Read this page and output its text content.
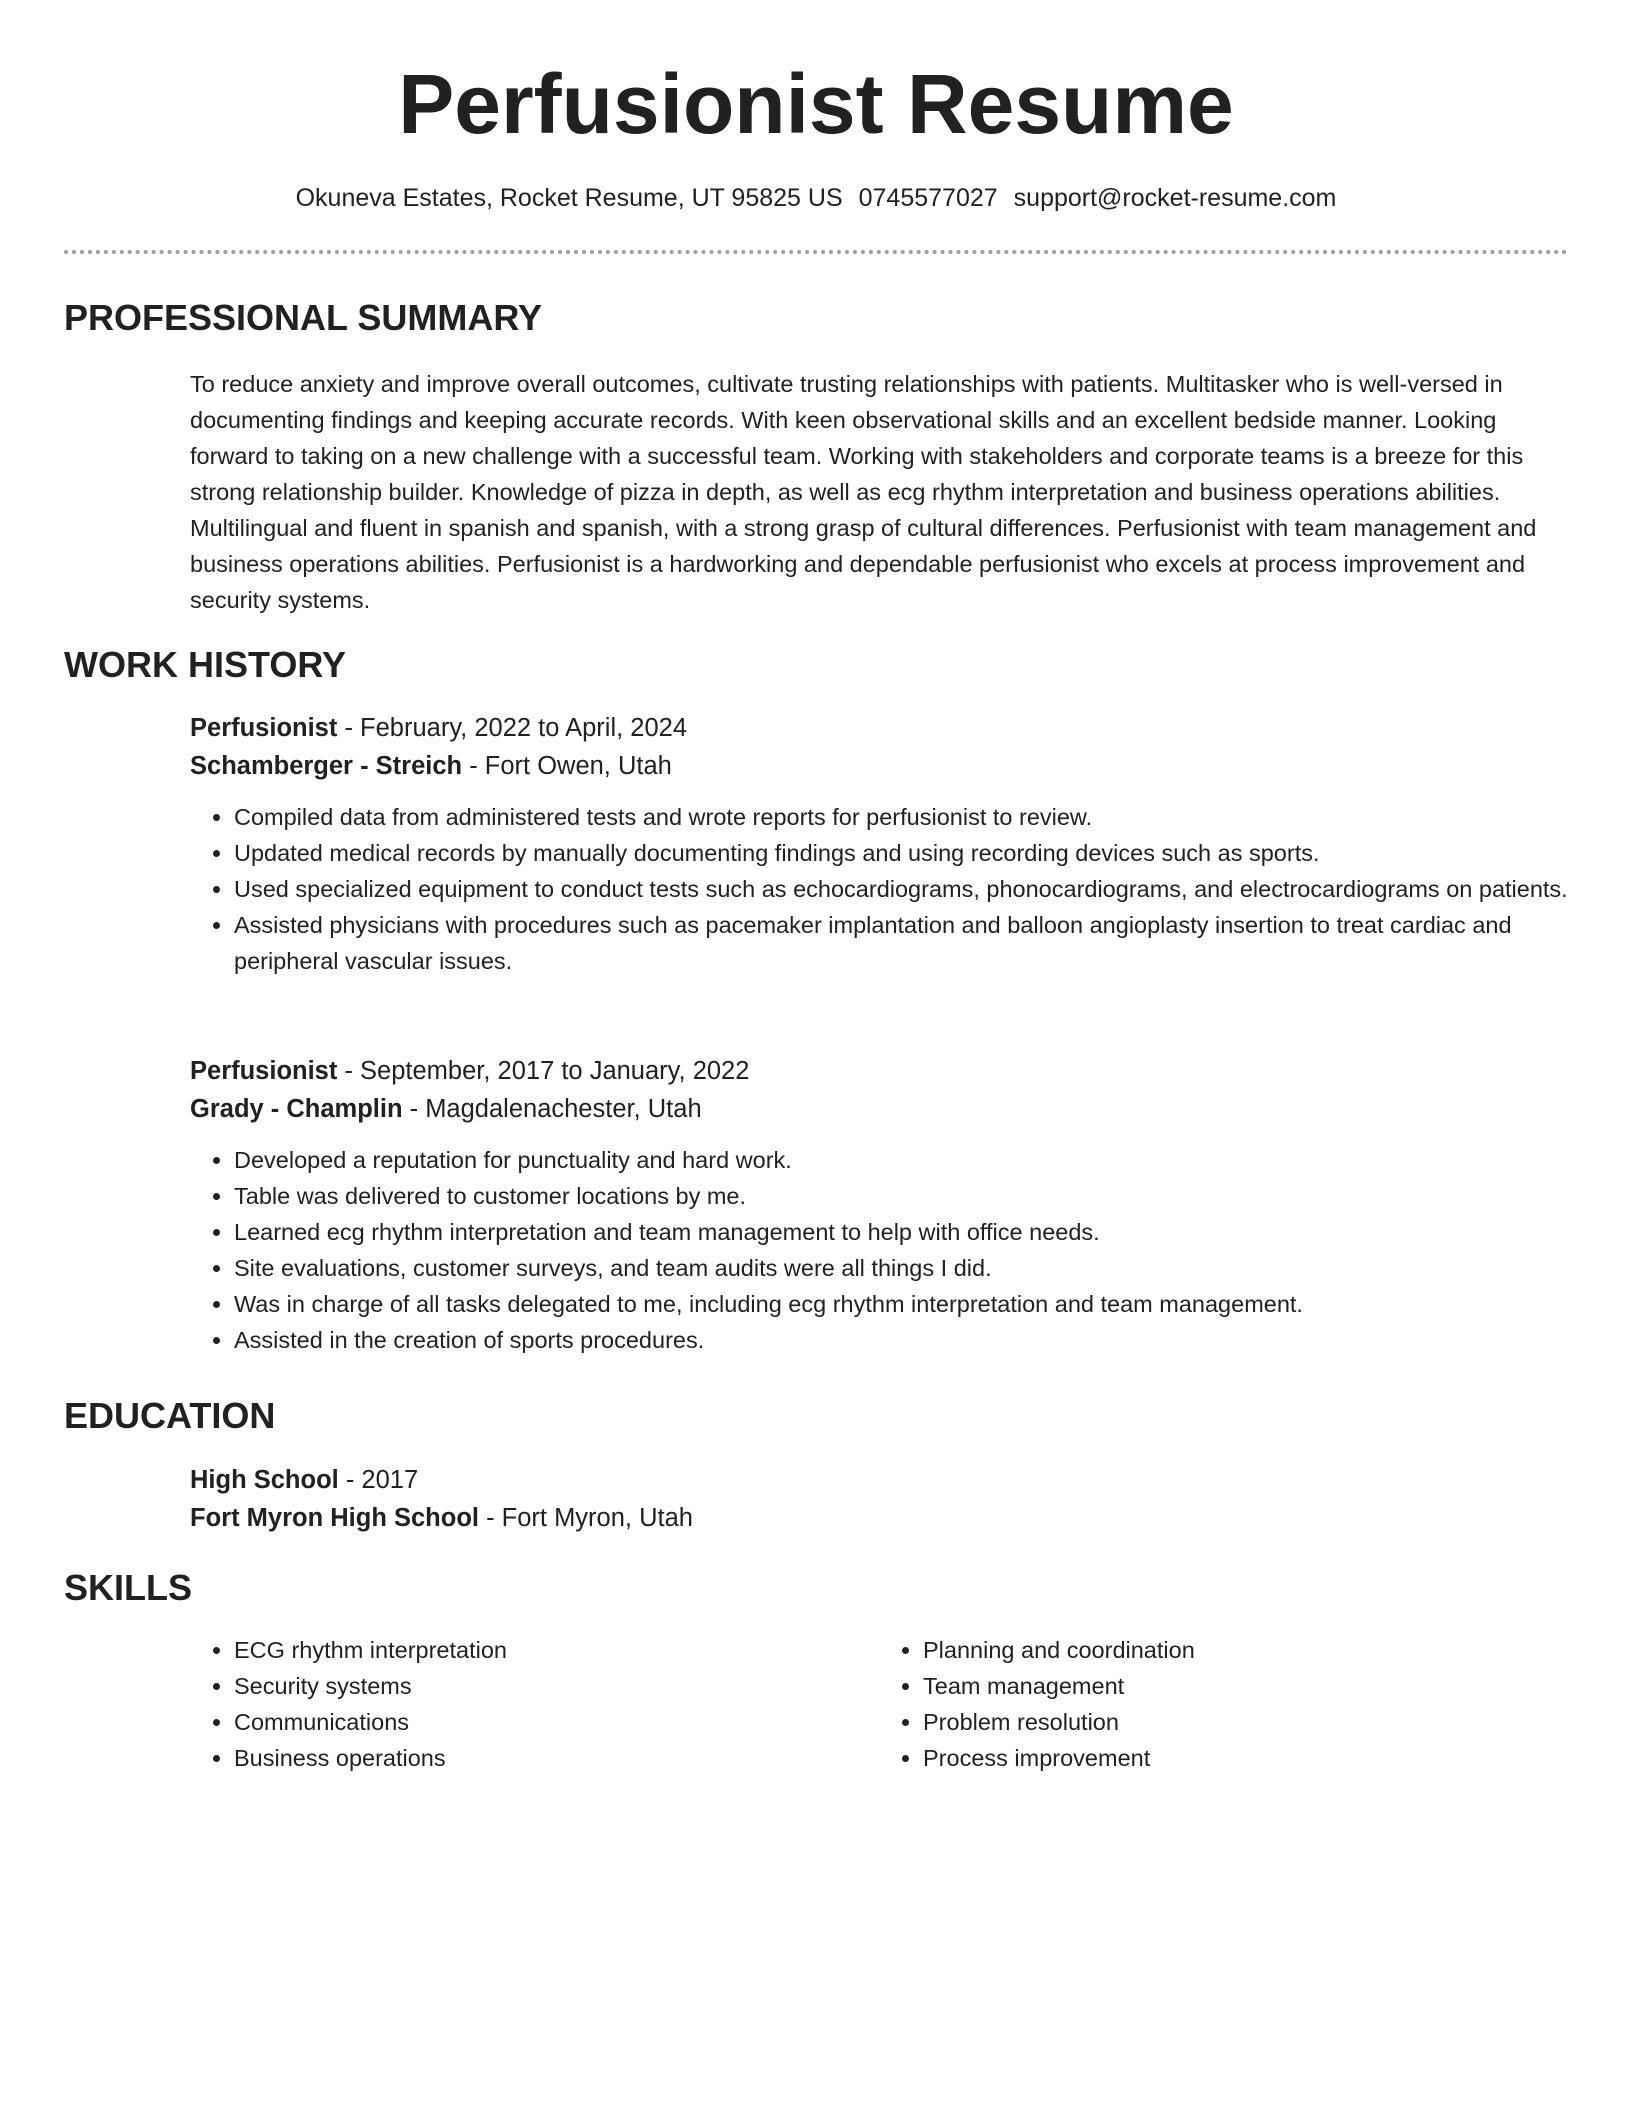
Perfusionist Resume
Okuneva Estates, Rocket Resume, UT 95825 US 0745577027 support@rocket-resume.com
PROFESSIONAL SUMMARY

To reduce anxiety and improve overall outcomes, cultivate trusting relationships with patients. Multitasker who is well-versed in documenting findings and keeping accurate records. With keen observational skills and an excellent bedside manner. Looking forward to taking on a new challenge with a successful team. Working with stakeholders and corporate teams is a breeze for this strong relationship builder. Knowledge of pizza in depth, as well as ecg rhythm interpretation and business operations abilities. Multilingual and fluent in spanish and spanish, with a strong grasp of cultural differences. Perfusionist with team management and business operations abilities. Perfusionist is a hardworking and dependable perfusionist who excels at process improvement and security systems.

WORK HISTORY
Perfusionist - February, 2022 to April, 2024
Schamberger - Streich - Fort Owen, Utah
• Compiled data from administered tests and wrote reports for perfusionist to review.
• Updated medical records by manually documenting findings and using recording devices such as sports.
• Used specialized equipment to conduct tests such as echocardiograms, phonocardiograms, and electrocardiograms on patients.
• Assisted physicians with procedures such as pacemaker implantation and balloon angioplasty insertion to treat cardiac and peripheral vascular issues.
Perfusionist - September, 2017 to January, 2022
Grady - Champlin - Magdalenachester, Utah
• Developed a reputation for punctuality and hard work.
• Table was delivered to customer locations by me.
• Learned ecg rhythm interpretation and team management to help with office needs.
• Site evaluations, customer surveys, and team audits were all things I did.
• Was in charge of all tasks delegated to me, including ecg rhythm interpretation and team management.
• Assisted in the creation of sports procedures.
EDUCATION
High School - 2017
Fort Myron High School - Fort Myron, Utah
SKILLS
• ECG rhythm interpretation
• Security systems
• Communications
• Business operations
• Planning and coordination
• Team management
• Problem resolution
• Process improvement
